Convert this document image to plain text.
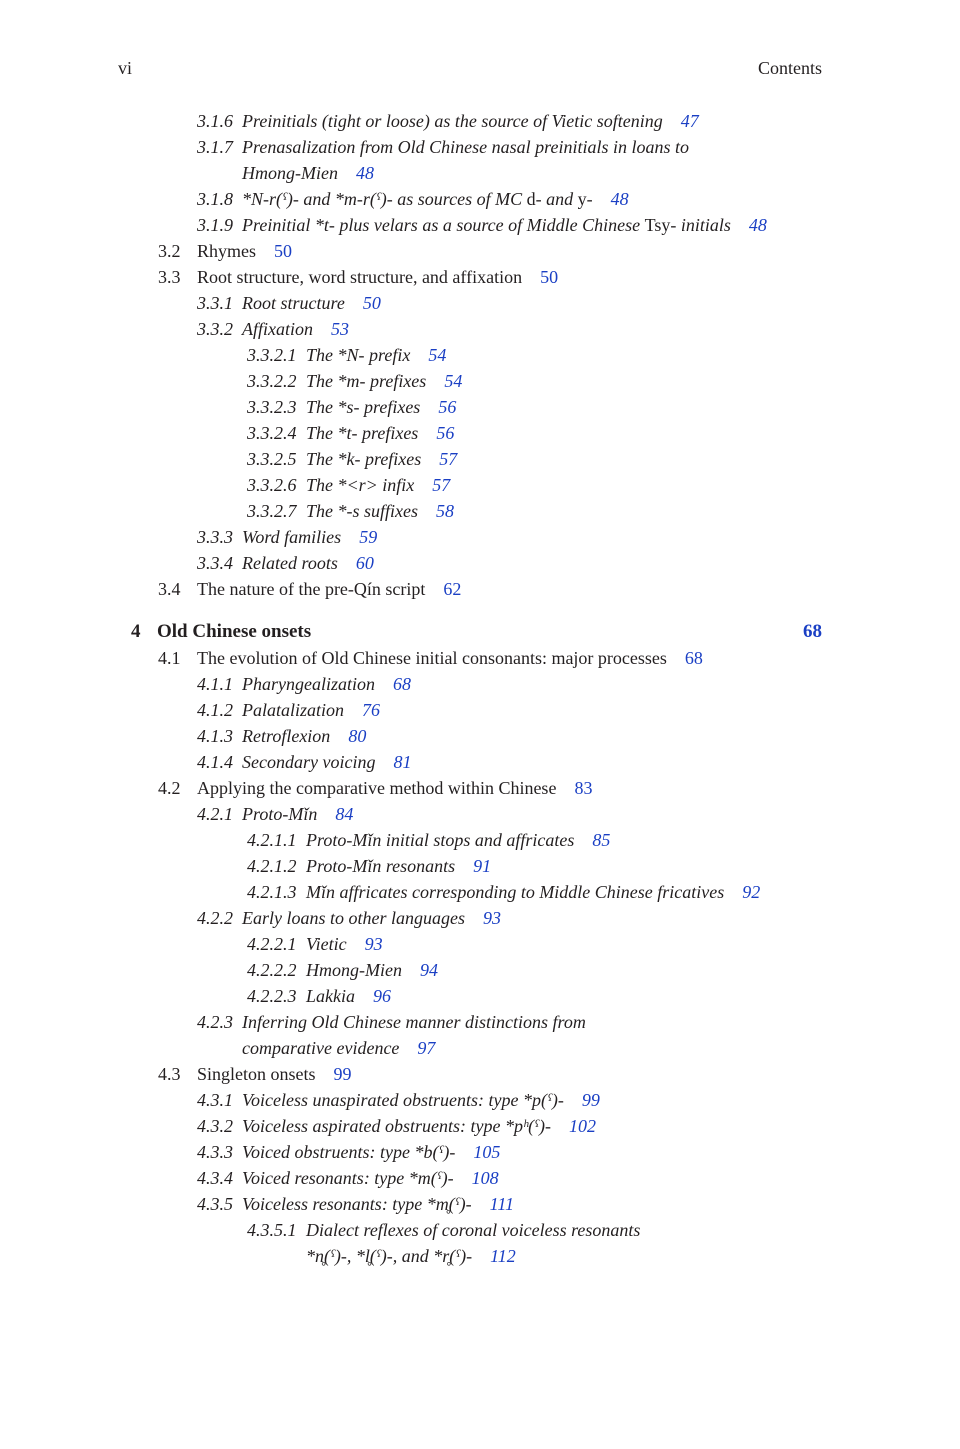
vi	Contents
3.1.6 Preinitials (tight or loose) as the source of Vietic softening 47
3.1.7 Prenasalization from Old Chinese nasal preinitials in loans to
Hmong-Mien 48
3.1.8 *N-r(ˤ)- and *m-r(ˤ)- as sources of MC d- and y- 48
3.1.9 Preinitial *t- plus velars as a source of Middle Chinese Tsy- initials 48
3.2 Rhymes 50
3.3 Root structure, word structure, and affixation 50
3.3.1 Root structure 50
3.3.2 Affixation 53
3.3.2.1 The *N- prefix 54
3.3.2.2 The *m- prefixes 54
3.3.2.3 The *s- prefixes 56
3.3.2.4 The *t- prefixes 56
3.3.2.5 The *k- prefixes 57
3.3.2.6 The *<r> infix 57
3.3.2.7 The *-s suffixes 58
3.3.3 Word families 59
3.3.4 Related roots 60
3.4 The nature of the pre-Qín script 62
4 Old Chinese onsets	68
4.1 The evolution of Old Chinese initial consonants: major processes 68
4.1.1 Pharyngealization 68
4.1.2 Palatalization 76
4.1.3 Retroflexion 80
4.1.4 Secondary voicing 81
4.2 Applying the comparative method within Chinese 83
4.2.1 Proto-Mǐn 84
4.2.1.1 Proto-Mǐn initial stops and affricates 85
4.2.1.2 Proto-Mǐn resonants 91
4.2.1.3 Mǐn affricates corresponding to Middle Chinese fricatives 92
4.2.2 Early loans to other languages 93
4.2.2.1 Vietic 93
4.2.2.2 Hmong-Mien 94
4.2.2.3 Lakkia 96
4.2.3 Inferring Old Chinese manner distinctions from
comparative evidence 97
4.3 Singleton onsets 99
4.3.1 Voiceless unaspirated obstruents: type *p(ˤ)- 99
4.3.2 Voiceless aspirated obstruents: type *pʰ(ˤ)- 102
4.3.3 Voiced obstruents: type *b(ˤ)- 105
4.3.4 Voiced resonants: type *m(ˤ)- 108
4.3.5 Voiceless resonants: type *m̥(ˤ)- 111
4.3.5.1 Dialect reflexes of coronal voiceless resonants
*n̥(ˤ)-, *l̥(ˤ)-, and *r̥(ˤ)- 112
